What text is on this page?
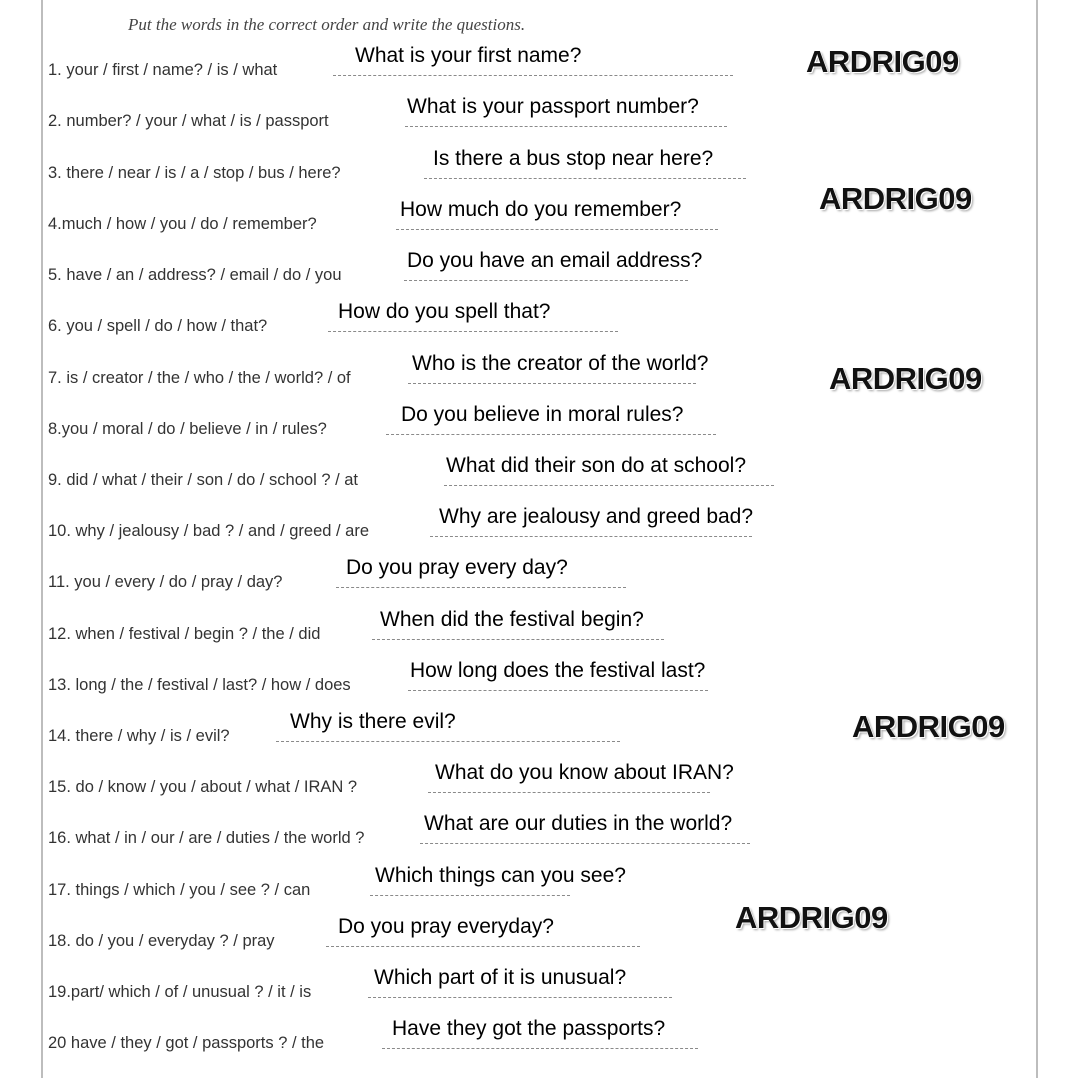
Put the words in the correct order and write the questions.
1. your / first / name? / is / what
What is your first name?
2. number? / your / what / is / passport
What is your passport number?
3. there / near / is / a / stop / bus / here?
Is there a bus stop near here?
4.much / how / you / do / remember?
How much do you remember?
5. have / an / address? / email / do / you
Do you have an email address?
6. you / spell / do / how / that?
How do you spell that?
7. is / creator / the / who / the / world? / of
Who is the creator of the world?
8.you / moral / do / believe / in / rules?
Do you believe in moral rules?
9. did / what / their / son / do / school ? / at
What did their son do at school?
10. why / jealousy / bad ? / and / greed / are
Why are jealousy and greed bad?
11. you / every / do / pray / day?
Do you pray every day?
12. when / festival / begin ? / the / did
When did the festival begin?
13. long / the / festival / last? / how / does
How long does the festival last?
14. there / why / is / evil?
Why is there evil?
15. do / know / you / about / what / IRAN ?
What do you know about IRAN?
16. what / in / our / are / duties / the world ?
What are our duties in the world?
17. things / which / you / see ? / can
Which things can you see?
18. do / you / everyday ? / pray
Do you pray everyday?
19.part/ which / of / unusual ? / it / is
Which part of it is unusual?
20 have / they / got / passports ? / the
Have they got the passports?
ARDRIG09
ARDRIG09
ARDRIG09
ARDRIG09
ARDRIG09
